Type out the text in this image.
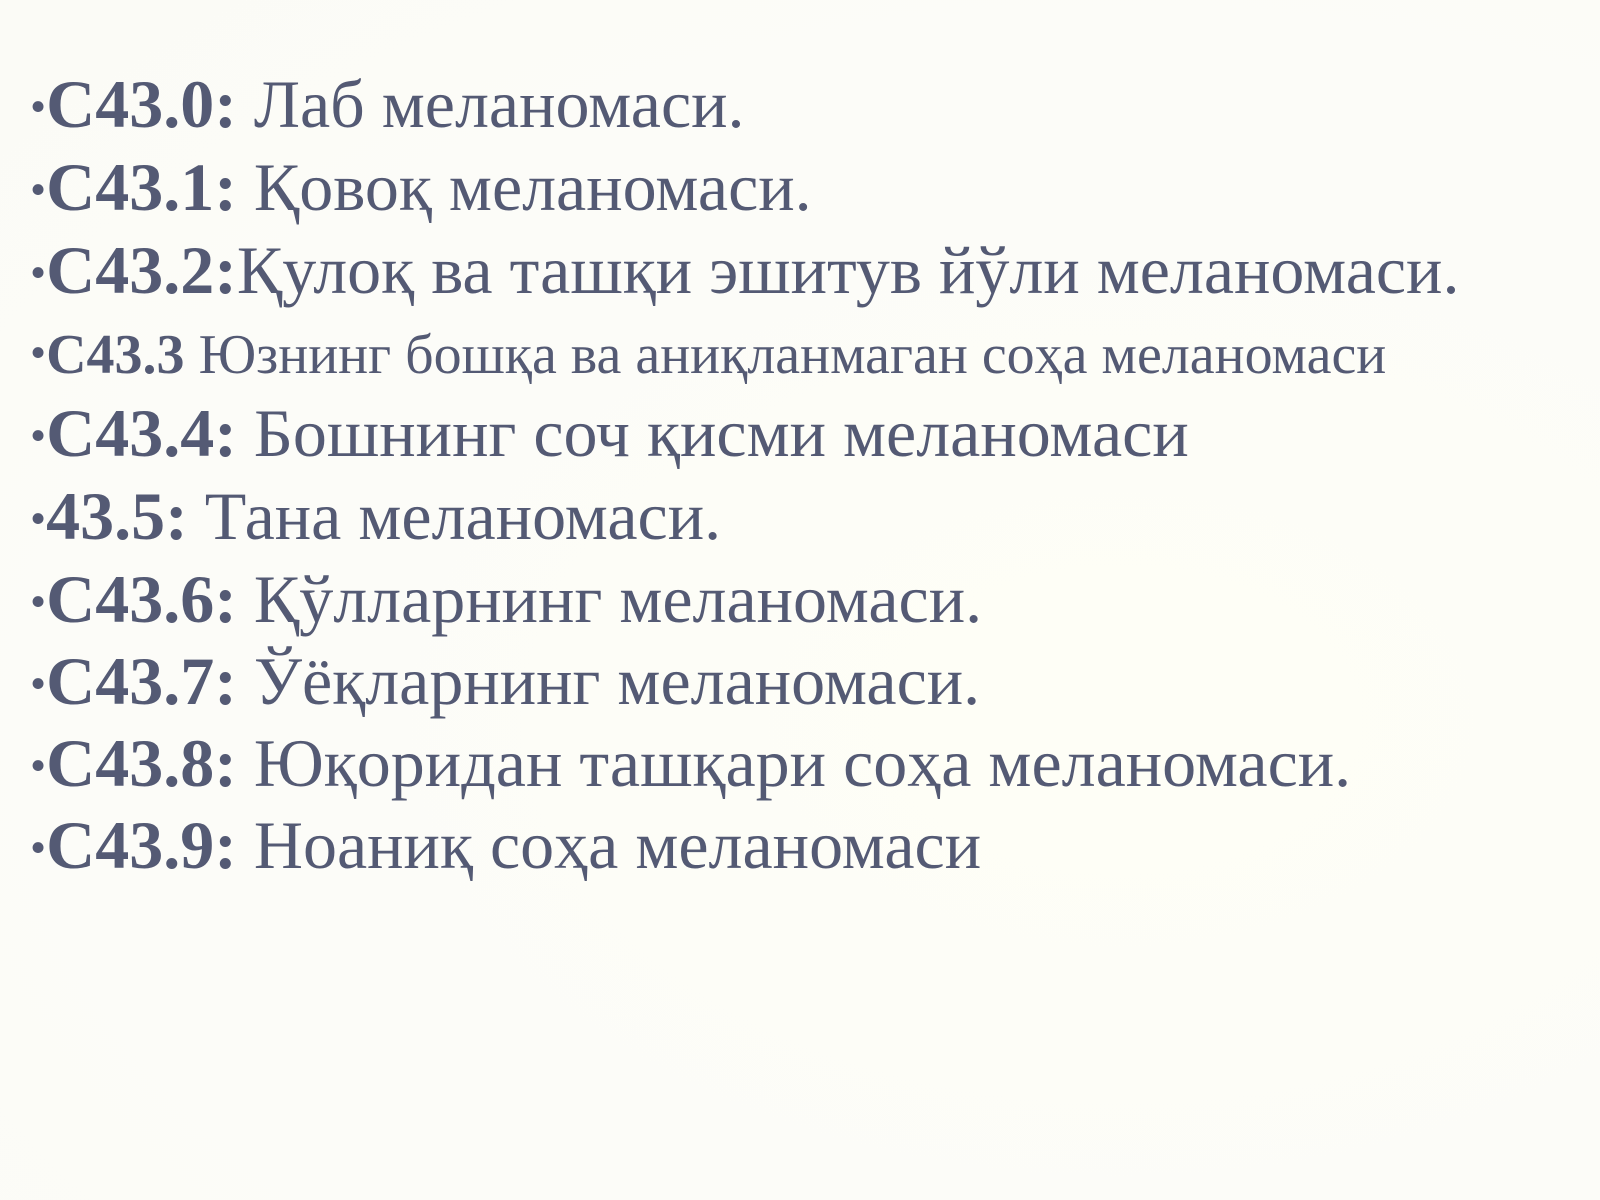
•C43.0: Лаб меланомаси.
•C43.1: Қовоқ меланомаси.
•C43.2:Қулоқ ва ташқи эшитув йўли меланомаси.
•C43.3 Юзнинг бошқа ва аниқланмаган соҳа меланомаси
•C43.4: Бошнинг соч қисми меланомаси
•43.5: Тана меланомаси.
•C43.6: Қўлларнинг меланомаси.
•C43.7: Ўёқларнинг меланомаси.
•C43.8: Юқоридан ташқари соҳа меланомаси.
•C43.9: Ноаниқ соҳа меланомаси
